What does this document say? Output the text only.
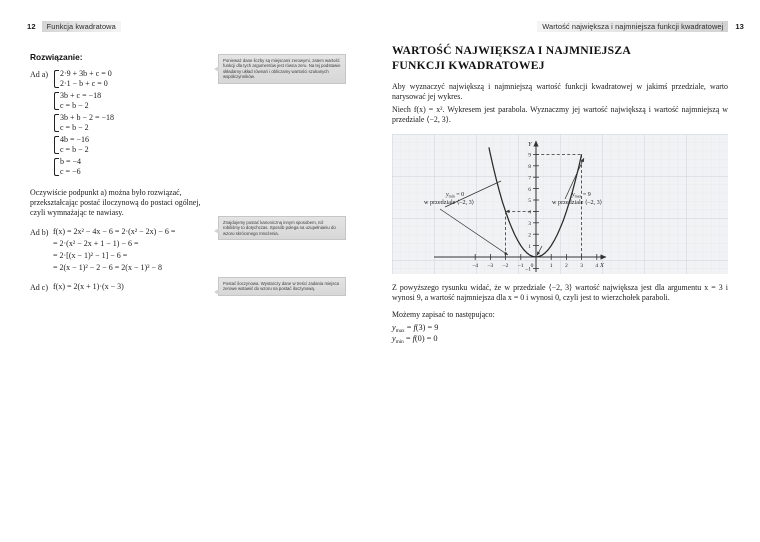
12	Funkcja kwadratowa
Rozwiązanie:
Ad a)	2·9 + 3b + c = 0
2·1 − b + c = 0
3b + c = −18
c = b − 2
3b + b − 2 = −18
c = b − 2
4b = −16
c = b − 2
b = −4
c = −6

Oczywiście podpunkt a) można było rozwiązać, przekształcając postać iloczynową do postaci ogólnej, czyli wymnażając te nawiasy.

Ad b) f(x) = 2x² − 4x − 6 = 2·(x² − 2x) − 6 =
= 2·(x² − 2x + 1 − 1) − 6 =
= 2·[(x − 1)² − 1] − 6 =
= 2(x − 1)² − 2 − 6 = 2(x − 1)² − 8
Ad c) f(x) = 2(x + 1)·(x − 3)
Ponieważ dane liczby są miejscami zerowymi, zatem wartość funkcji dla tych argumentów jest równa zeru. Na tej podstawie składamy układ równań i obliczamy wartości szukanych współczynników.
Znajdujemy postać kanoniczną innym sposobem, niż robiliśmy to dotychczas. Sposób polega na uzupełnianiu do wzoru skróconego mnożenia.
Postać iloczynowa. Wystarczy dane w treści zadania miejsca zerowe wstawić do wzoru na postać iloczynową.
Wartość największa i najmniejsza funkcji kwadratowej	13
WARTOŚĆ NAJWIĘKSZA I NAJMNIEJSZA
FUNKCJI KWADRATOWEJ

Aby wyznaczyć największą i najmniejszą wartość funkcji kwadratowej w jakimś przedziale, warto narysować jej wykres.

Niech f(x) = x². Wykresem jest parabola. Wyznaczmy jej wartość największą i wartość najmniejszą w przedziale ⟨−2, 3⟩.

X
Y
–4 –3 –2 –1 0	1 2 3 4
1
2
3
4
5
6
7
8
9
–1
$y_{min} = 0$
w przedziale ⟨–2, 3⟩
$y_{max} = 9$
w przedziale ⟨–2, 3⟩

Z powyższego rysunku widać, że w przedziale ⟨−2, 3⟩ wartość największa jest dla argumentu x = 3 i wynosi 9, a wartość najmniejsza dla x = 0 i wynosi 0, czyli jest to wierzchołek paraboli.

Możemy zapisać to następująco:

$y_{max} = f(3) = 9$

$y_{min} = f(0) = 0$
